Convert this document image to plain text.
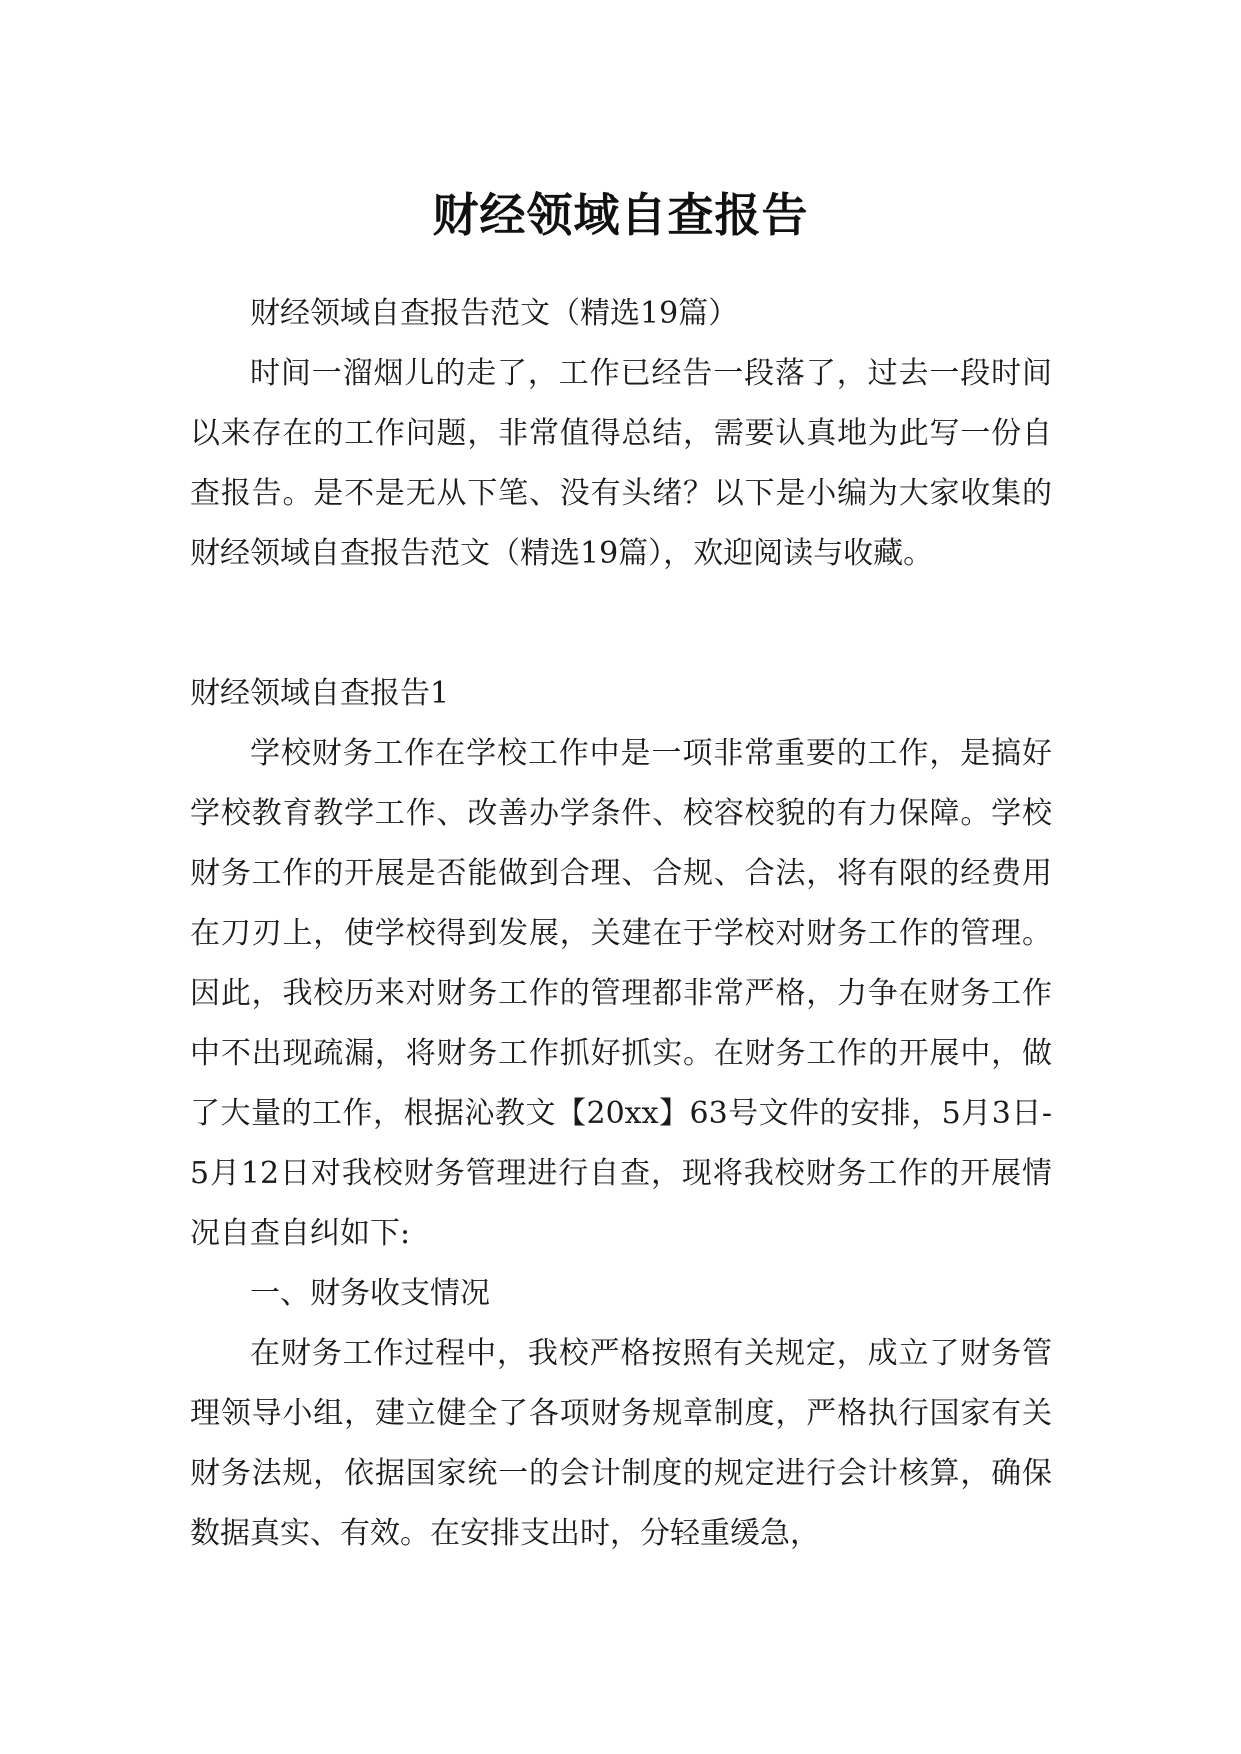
财经领域自查报告

财经领域自查报告范文（精选19篇）

时间一溜烟儿的走了，工作已经告一段落了，过去一段时间以来存在的工作问题，非常值得总结，需要认真地为此写一份自查报告。是不是无从下笔、没有头绪？以下是小编为大家收集的财经领域自查报告范文（精选19篇），欢迎阅读与收藏。

财经领域自查报告1

学校财务工作在学校工作中是一项非常重要的工作，是搞好学校教育教学工作、改善办学条件、校容校貌的有力保障。学校财务工作的开展是否能做到合理、合规、合法，将有限的经费用在刀刃上，使学校得到发展，关建在于学校对财务工作的管理。因此，我校历来对财务工作的管理都非常严格，力争在财务工作中不出现疏漏，将财务工作抓好抓实。在财务工作的开展中，做了大量的工作，根据沁教文【20xx】63号文件的安排，5月3日-5月12日对我校财务管理进行自查，现将我校财务工作的开展情况自查自纠如下:

一、财务收支情况

在财务工作过程中，我校严格按照有关规定，成立了财务管理领导小组，建立健全了各项财务规章制度，严格执行国家有关财务法规，依据国家统一的会计制度的规定进行会计核算，确保数据真实、有效。在安排支出时，分轻重缓急，
